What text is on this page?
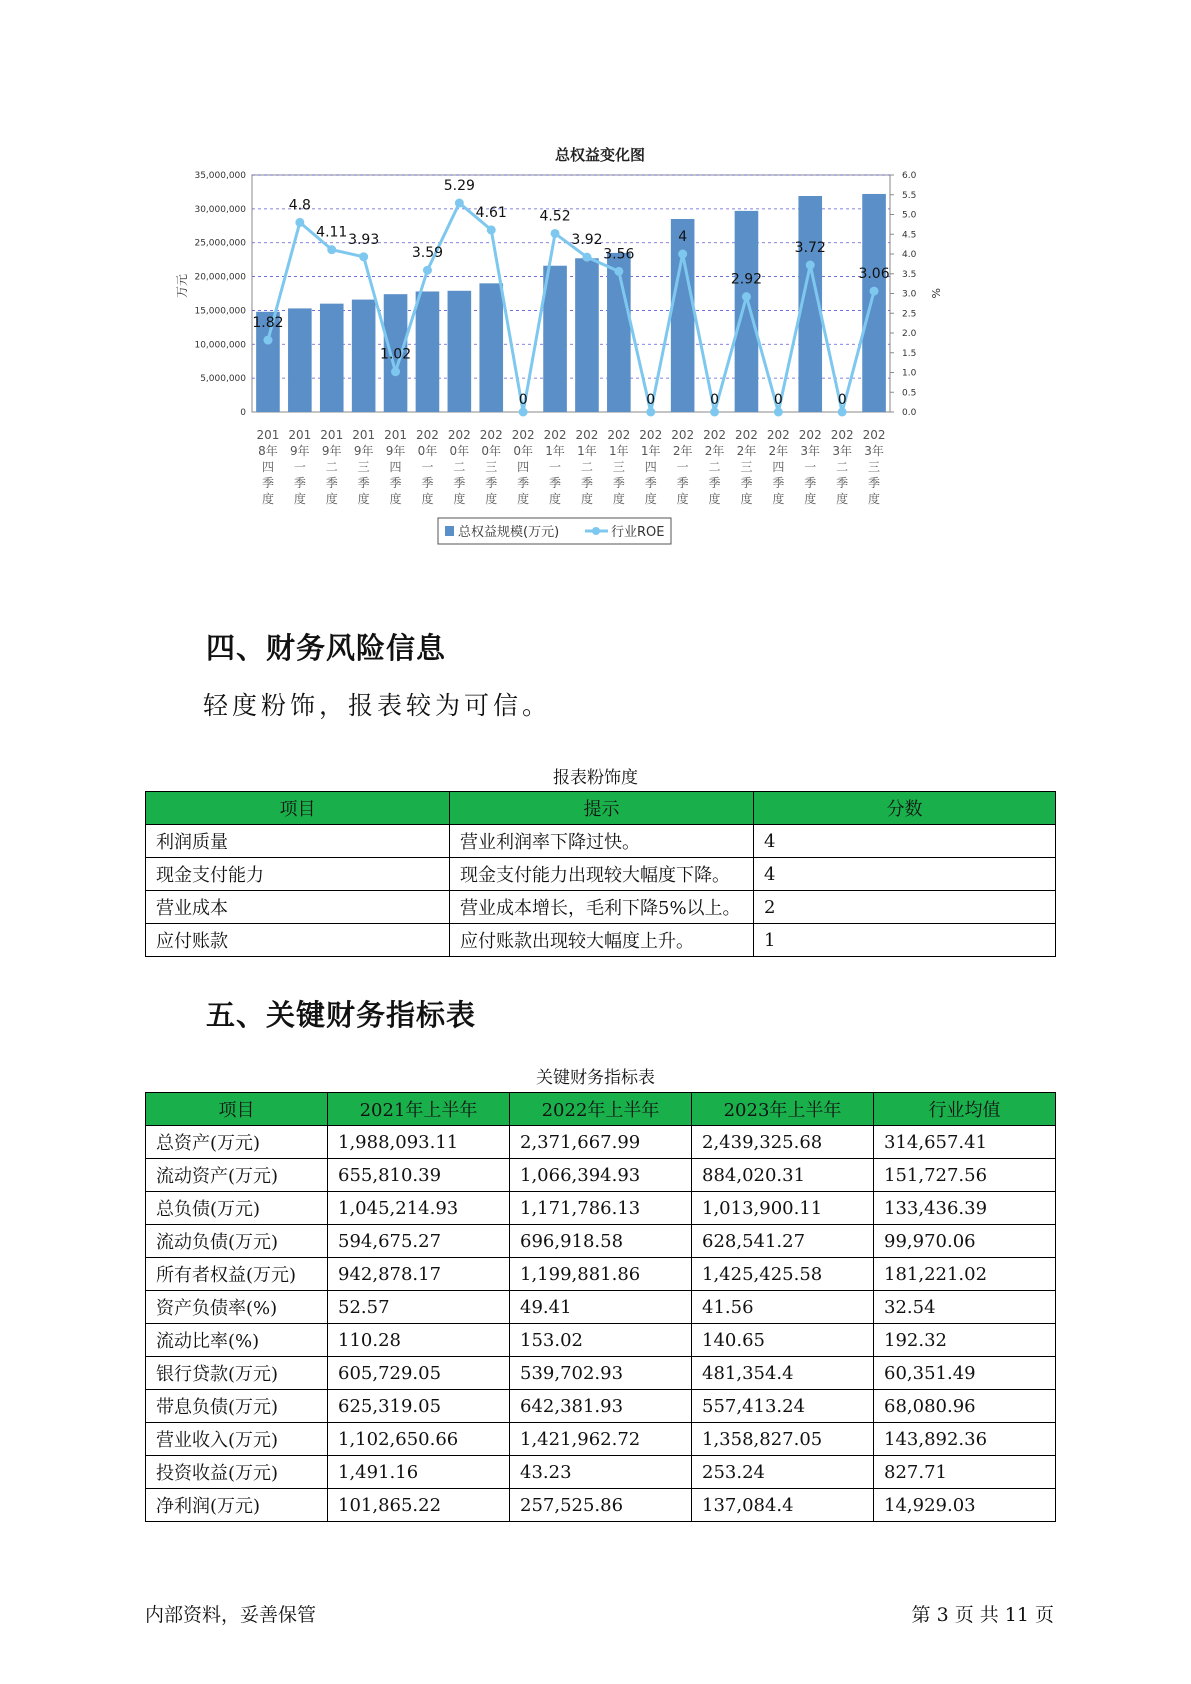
总权益变化图
0
5,000,000
10,000,000
15,000,000
20,000,000
25,000,000
30,000,000
35,000,000
0.0
0.5
1.0
1.5
2.0
2.5
3.0
3.5
4.0
4.5
5.0
5.5
6.0
万元	%
1.82
4.8
4.11 3.93
1.02
3.59
5.29
4.61
0
4.52
3.92
3.56
0
4
0
2.92
0
3.72
0
3.06
201
8年
四
季
度
201
9年
一
季
度
201
9年
二
季
度
201
9年
三
季
度
201
9年
四
季
度
202
0年
一
季
度
202
0年
二
季
度
202
0年
三
季
度
202
0年
四
季
度
202
1年
一
季
度
202
1年
二
季
度
202
1年
三
季
度
202
1年
四
季
度
202
2年
一
季
度
202
2年
二
季
度
202
2年
三
季
度
202
2年
四
季
度
202
3年
一
季
度
202
3年
二
季
度
202
3年
三
季
度
总权益规模(万元)	行业ROE
四、财务风险信息

轻度粉饰，报表较为可信。

报表粉饰度

项目	提示	分数
利润质量	营业利润率下降过快。	4
现金支付能力	现金支付能力出现较大幅度下降。	4
营业成本	营业成本增长，毛利下降5%以上。	2
应付账款	应付账款出现较大幅度上升。	1
五、关键财务指标表

关键财务指标表

项目	2021年上半年	2022年上半年	2023年上半年	行业均值
总资产(万元)	1,988,093.11	2,371,667.99	2,439,325.68	314,657.41
流动资产(万元)	655,810.39	1,066,394.93	884,020.31	151,727.56
总负债(万元)	1,045,214.93	1,171,786.13	1,013,900.11	133,436.39
流动负债(万元)	594,675.27	696,918.58	628,541.27	99,970.06
所有者权益(万元)	942,878.17	1,199,881.86	1,425,425.58	181,221.02
资产负债率(%)	52.57	49.41	41.56	32.54
流动比率(%)	110.28	153.02	140.65	192.32
银行贷款(万元)	605,729.05	539,702.93	481,354.4	60,351.49
带息负债(万元)	625,319.05	642,381.93	557,413.24	68,080.96
营业收入(万元)	1,102,650.66	1,421,962.72	1,358,827.05	143,892.36
投资收益(万元)	1,491.16	43.23	253.24	827.71
净利润(万元)	101,865.22	257,525.86	137,084.4	14,929.03

内部资料，妥善保管	第 3 页 共 11 页
